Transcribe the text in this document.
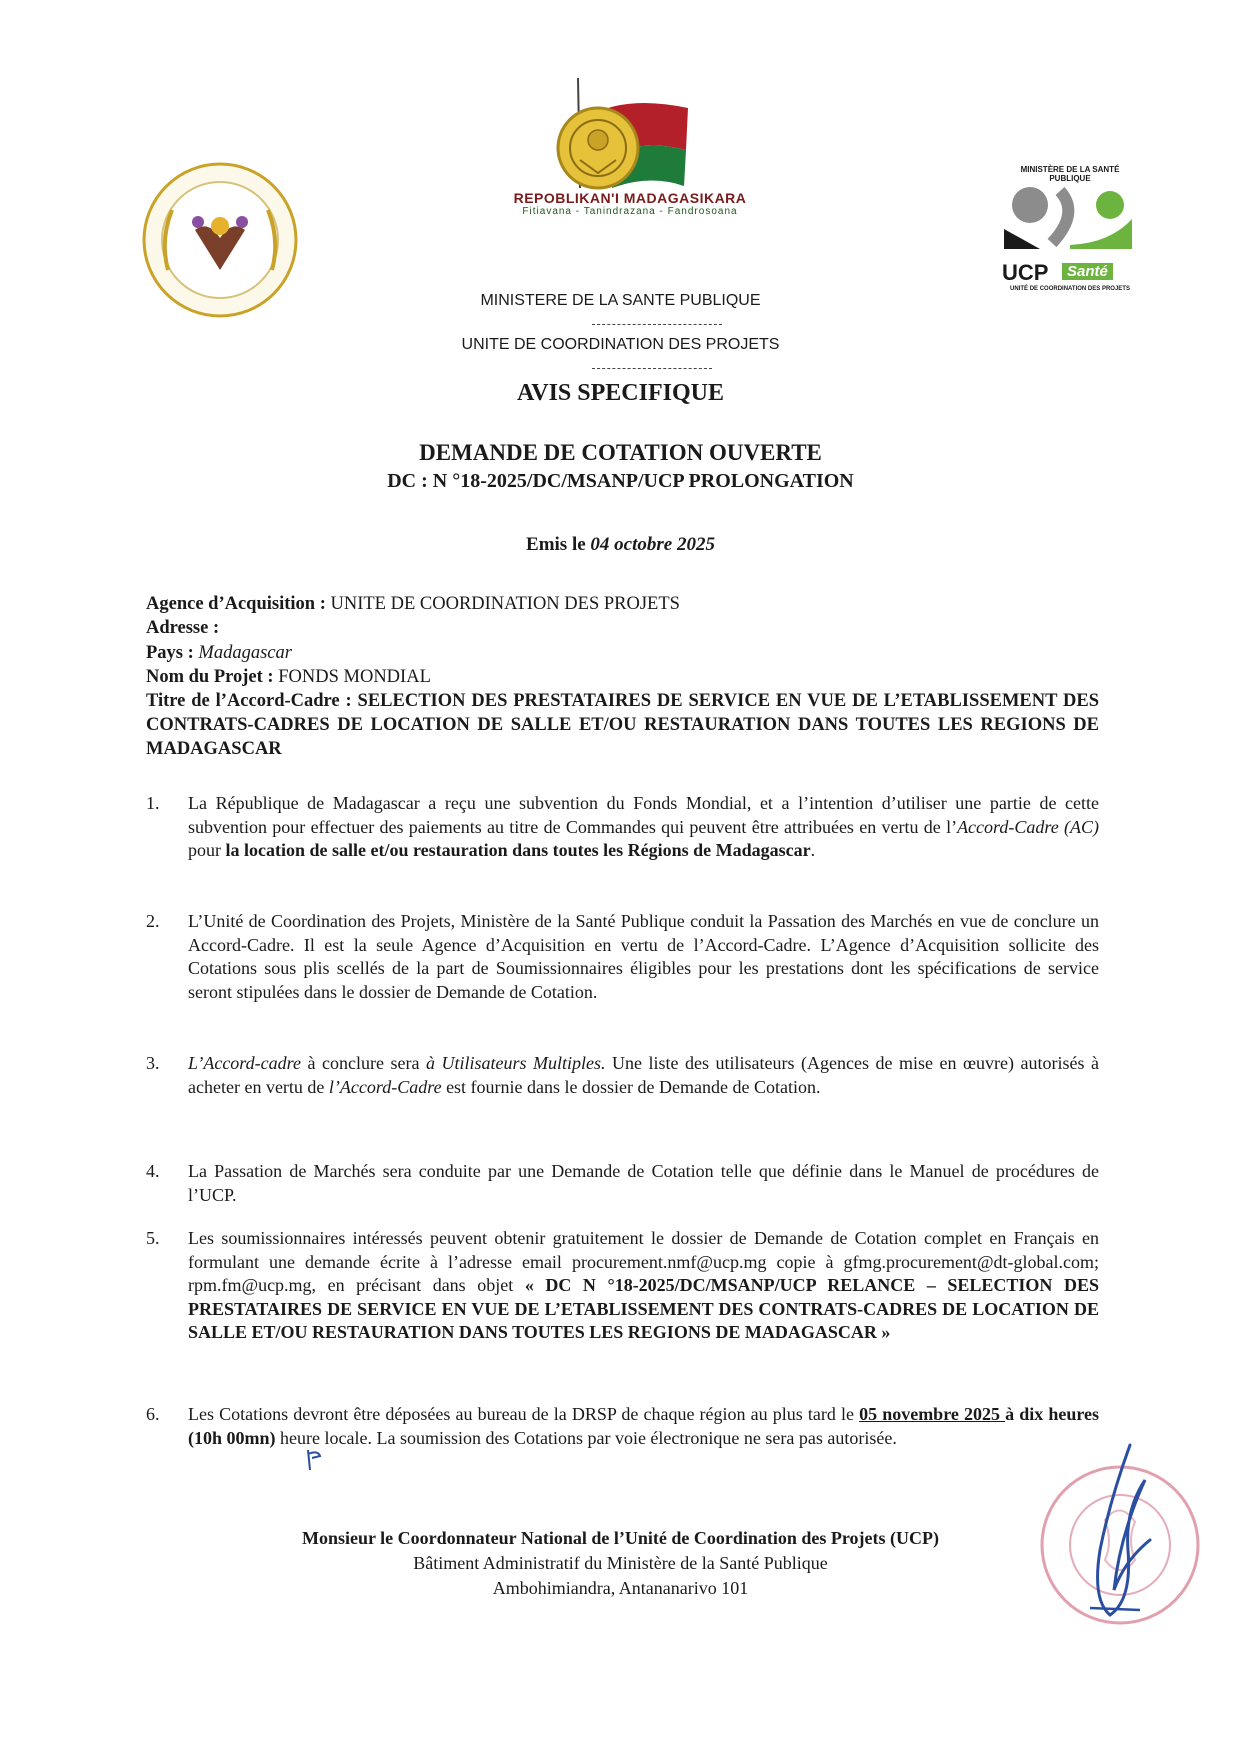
REPOBLIKAN'I MADAGASIKARA
Fitiavana - Tanindrazana - Fandrosoana
MINISTÈRE DE LA SANTÉ PUBLIQUE
UCP	Santé
UNITÉ DE COORDINATION DES PROJETS
MINISTERE DE LA SANTE PUBLIQUE
UNITE DE COORDINATION DES PROJETS
AVIS SPECIFIQUE
DEMANDE DE COTATION OUVERTE
DC : N °18-2025/DC/MSANP/UCP PROLONGATION
Emis le 04 octobre 2025
Agence d’Acquisition : UNITE DE COORDINATION DES PROJETS
Adresse :
Pays : Madagascar
Nom du Projet : FONDS MONDIAL
Titre de l’Accord-Cadre : SELECTION DES PRESTATAIRES DE SERVICE EN VUE DE L’ETABLISSEMENT DES CONTRATS-CADRES DE LOCATION DE SALLE ET/OU RESTAURATION DANS TOUTES LES REGIONS DE MADAGASCAR
1. La République de Madagascar a reçu une subvention du Fonds Mondial, et a l’intention d’utiliser une partie de cette subvention pour effectuer des paiements au titre de Commandes qui peuvent être attribuées en vertu de l’Accord-Cadre (AC) pour la location de salle et/ou restauration dans toutes les Régions de Madagascar.
2. L’Unité de Coordination des Projets, Ministère de la Santé Publique conduit la Passation des Marchés en vue de conclure un Accord-Cadre. Il est la seule Agence d’Acquisition en vertu de l’Accord-Cadre. L’Agence d’Acquisition sollicite des Cotations sous plis scellés de la part de Soumissionnaires éligibles pour les prestations dont les spécifications de service seront stipulées dans le dossier de Demande de Cotation.
3. L’Accord-cadre à conclure sera à Utilisateurs Multiples. Une liste des utilisateurs (Agences de mise en œuvre) autorisés à acheter en vertu de l’Accord-Cadre est fournie dans le dossier de Demande de Cotation.
4. La Passation de Marchés sera conduite par une Demande de Cotation telle que définie dans le Manuel de procédures de l’UCP.
5. Les soumissionnaires intéressés peuvent obtenir gratuitement le dossier de Demande de Cotation complet en Français en formulant une demande écrite à l’adresse email procurement.nmf@ucp.mg copie à gfmg.procurement@dt-global.com; rpm.fm@ucp.mg, en précisant dans objet « DC N °18-2025/DC/MSANP/UCP RELANCE – SELECTION DES PRESTATAIRES DE SERVICE EN VUE DE L’ETABLISSEMENT DES CONTRATS-CADRES DE LOCATION DE SALLE ET/OU RESTAURATION DANS TOUTES LES REGIONS DE MADAGASCAR »
6. Les Cotations devront être déposées au bureau de la DRSP de chaque région au plus tard le 05 novembre 2025 à dix heures (10h 00mn) heure locale. La soumission des Cotations par voie électronique ne sera pas autorisée.
Monsieur le Coordonnateur National de l’Unité de Coordination des Projets (UCP)
Bâtiment Administratif du Ministère de la Santé Publique
Ambohimiandra, Antananarivo 101
